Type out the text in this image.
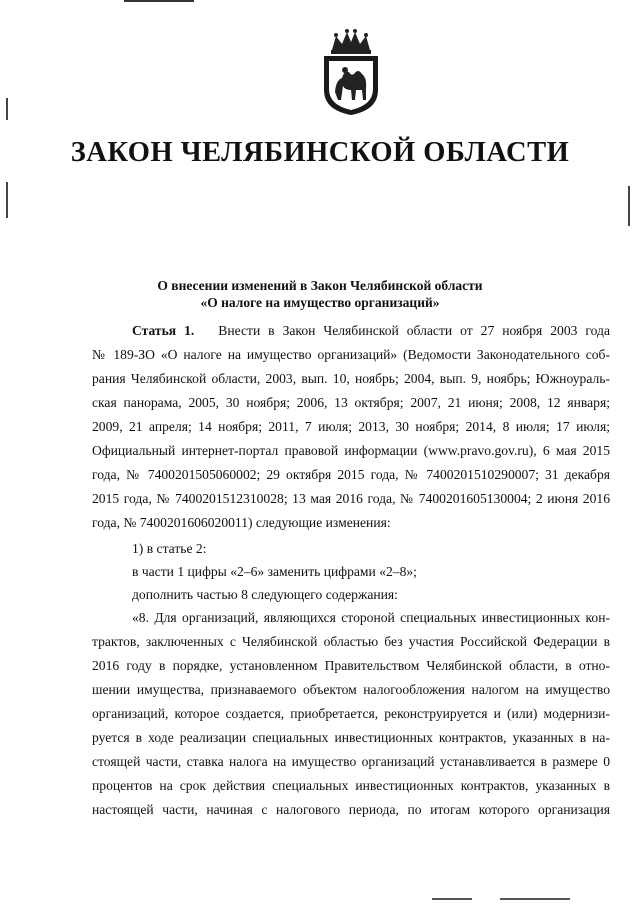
ЗАКОН ЧЕЛЯБИНСКОЙ ОБЛАСТИ
О внесении изменений в Закон Челябинской области
«О налоге на имущество организаций»
Статья 1. Внести в Закон Челябинской области от 27 ноября 2003 года
№ 189-ЗО «О налоге на имущество организаций» (Ведомости Законодательного соб-
рания Челябинской области, 2003, вып. 10, ноябрь; 2004, вып. 9, ноябрь; Южноураль-
ская панорама, 2005, 30 ноября; 2006, 13 октября; 2007, 21 июня; 2008, 12 января;
2009, 21 апреля; 14 ноября; 2011, 7 июля; 2013, 30 ноября; 2014, 8 июля; 17 июля;
Официальный интернет-портал правовой информации (www.pravo.gov.ru), 6 мая 2015
года, № 7400201505060002; 29 октября 2015 года, № 7400201510290007; 31 декабря
2015 года, № 7400201512310028; 13 мая 2016 года, № 7400201605130004; 2 июня 2016
года, № 7400201606020011) следующие изменения:
1) в статье 2:
в части 1 цифры «2–6» заменить цифрами «2–8»;
дополнить частью 8 следующего содержания:
«8. Для организаций, являющихся стороной специальных инвестиционных кон-
трактов, заключенных с Челябинской областью без участия Российской Федерации в
2016 году в порядке, установленном Правительством Челябинской области, в отно-
шении имущества, признаваемого объектом налогообложения налогом на имущество
организаций, которое создается, приобретается, реконструируется и (или) модернизи-
руется в ходе реализации специальных инвестиционных контрактов, указанных в на-
стоящей части, ставка налога на имущество организаций устанавливается в размере 0
процентов на срок действия специальных инвестиционных контрактов, указанных в
настоящей части, начиная с налогового периода, по итогам которого организация
